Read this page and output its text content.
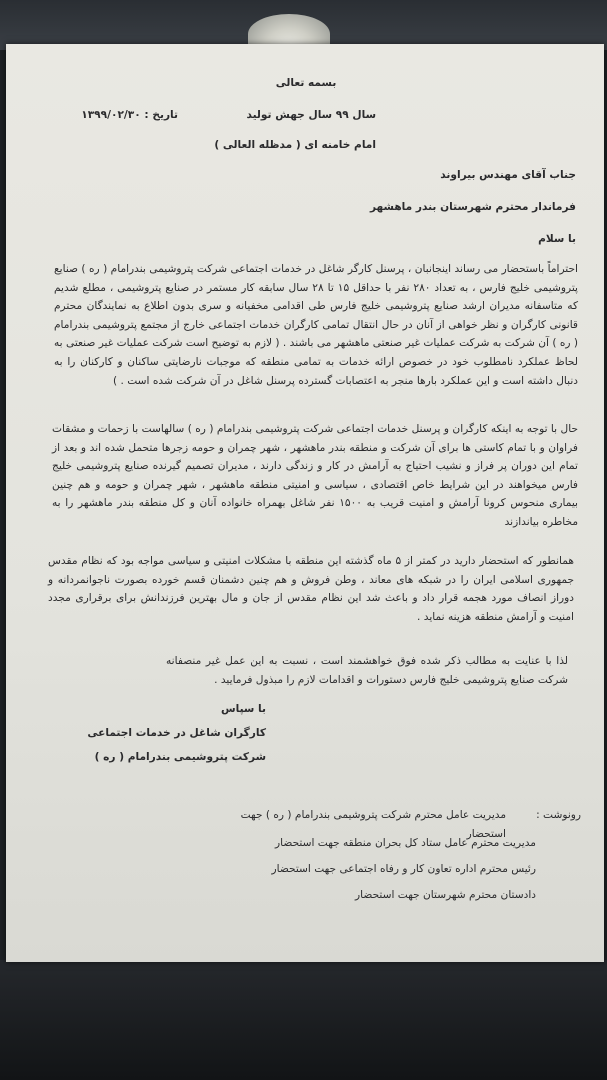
بسمه تعالی
سال ۹۹ سال جهش تولید
تاریخ : ۱۳۹۹/۰۲/۳۰
امام خامنه ای ( مدظله العالی )
جناب آقای مهندس بیراوند
فرماندار محترم شهرستان بندر ماهشهر
با سلام
احتراماً باستحضار می رساند اینجانبان ، پرسنل کارگر شاغل در خدمات اجتماعی شرکت پتروشیمی بندرامام ( ره ) صنایع پتروشیمی خلیج فارس ، به تعداد ۲۸۰ نفر با حداقل ۱۵ تا ۲۸ سال سابقه کار مستمر در صنایع پتروشیمی ، مطلع شدیم که متاسفانه مدیران ارشد صنایع پتروشیمی خلیج فارس طی اقدامی مخفیانه و سری بدون اطلاع به نمایندگان محترم قانونی کارگران و نظر خواهی از آنان در حال انتقال تمامی کارگران خدمات اجتماعی خارج از مجتمع پتروشیمی بندرامام ( ره ) آن شرکت به شرکت عملیات غیر صنعتی ماهشهر می باشند . ( لازم به توضیح است شرکت عملیات غیر صنعتی به لحاظ عملکرد نامطلوب خود در خصوص ارائه خدمات به تمامی منطقه که موجبات نارضایتی ساکنان و کارکنان را به دنبال داشته است و این عملکرد بارها منجر به اعتصابات گسترده پرسنل شاغل در آن شرکت شده است . )
حال با توجه به اینکه کارگران و پرسنل خدمات اجتماعی شرکت پتروشیمی بندرامام ( ره ) سالهاست با زحمات و مشقات فراوان و با تمام کاستی ها برای آن شرکت و منطقه بندر ماهشهر ، شهر چمران و حومه زجرها متحمل شده اند و بعد از تمام این دوران پر فراز و نشیب احتیاج به آرامش در کار و زندگی دارند ، مدیران تصمیم گیرنده صنایع پتروشیمی خلیج فارس میخواهند در این شرایط خاص اقتصادی ، سیاسی و امنیتی منطقه ماهشهر ، شهر چمران و حومه و هم چنین بیماری منحوس کرونا آرامش و امنیت قریب به ۱۵۰۰ نفر شاغل بهمراه خانواده آنان و کل منطقه بندر ماهشهر را به مخاطره بیاندازند
همانطور که استحضار دارید در کمتر از ۵ ماه گذشته این منطقه با مشکلات امنیتی و سیاسی مواجه بود که نظام مقدس جمهوری اسلامی ایران را در شبکه های معاند ، وطن فروش و هم چنین دشمنان قسم خورده بصورت ناجوانمردانه و دوراز انصاف مورد هجمه قرار داد و باعث شد این نظام مقدس از جان و مال بهترین فرزندانش برای برقراری مجدد امنیت و آرامش منطقه هزینه نماید .
لذا با عنایت به مطالب ذکر شده فوق خواهشمند است ، نسبت به این عمل غیر منصفانه شرکت صنایع پتروشیمی خلیج فارس دستورات و اقدامات لازم را مبذول فرمایید .
با سپاس
کارگران شاغل در خدمات اجتماعی
شرکت پتروشیمی بندرامام ( ره )
رونوشت :
مدیریت عامل محترم شرکت پتروشیمی بندرامام ( ره ) جهت استحضار
مدیریت محترم عامل ستاد کل بحران منطقه جهت استحضار
رئیس محترم اداره تعاون کار و رفاه اجتماعی جهت استحضار
دادستان محترم شهرستان جهت استحضار
